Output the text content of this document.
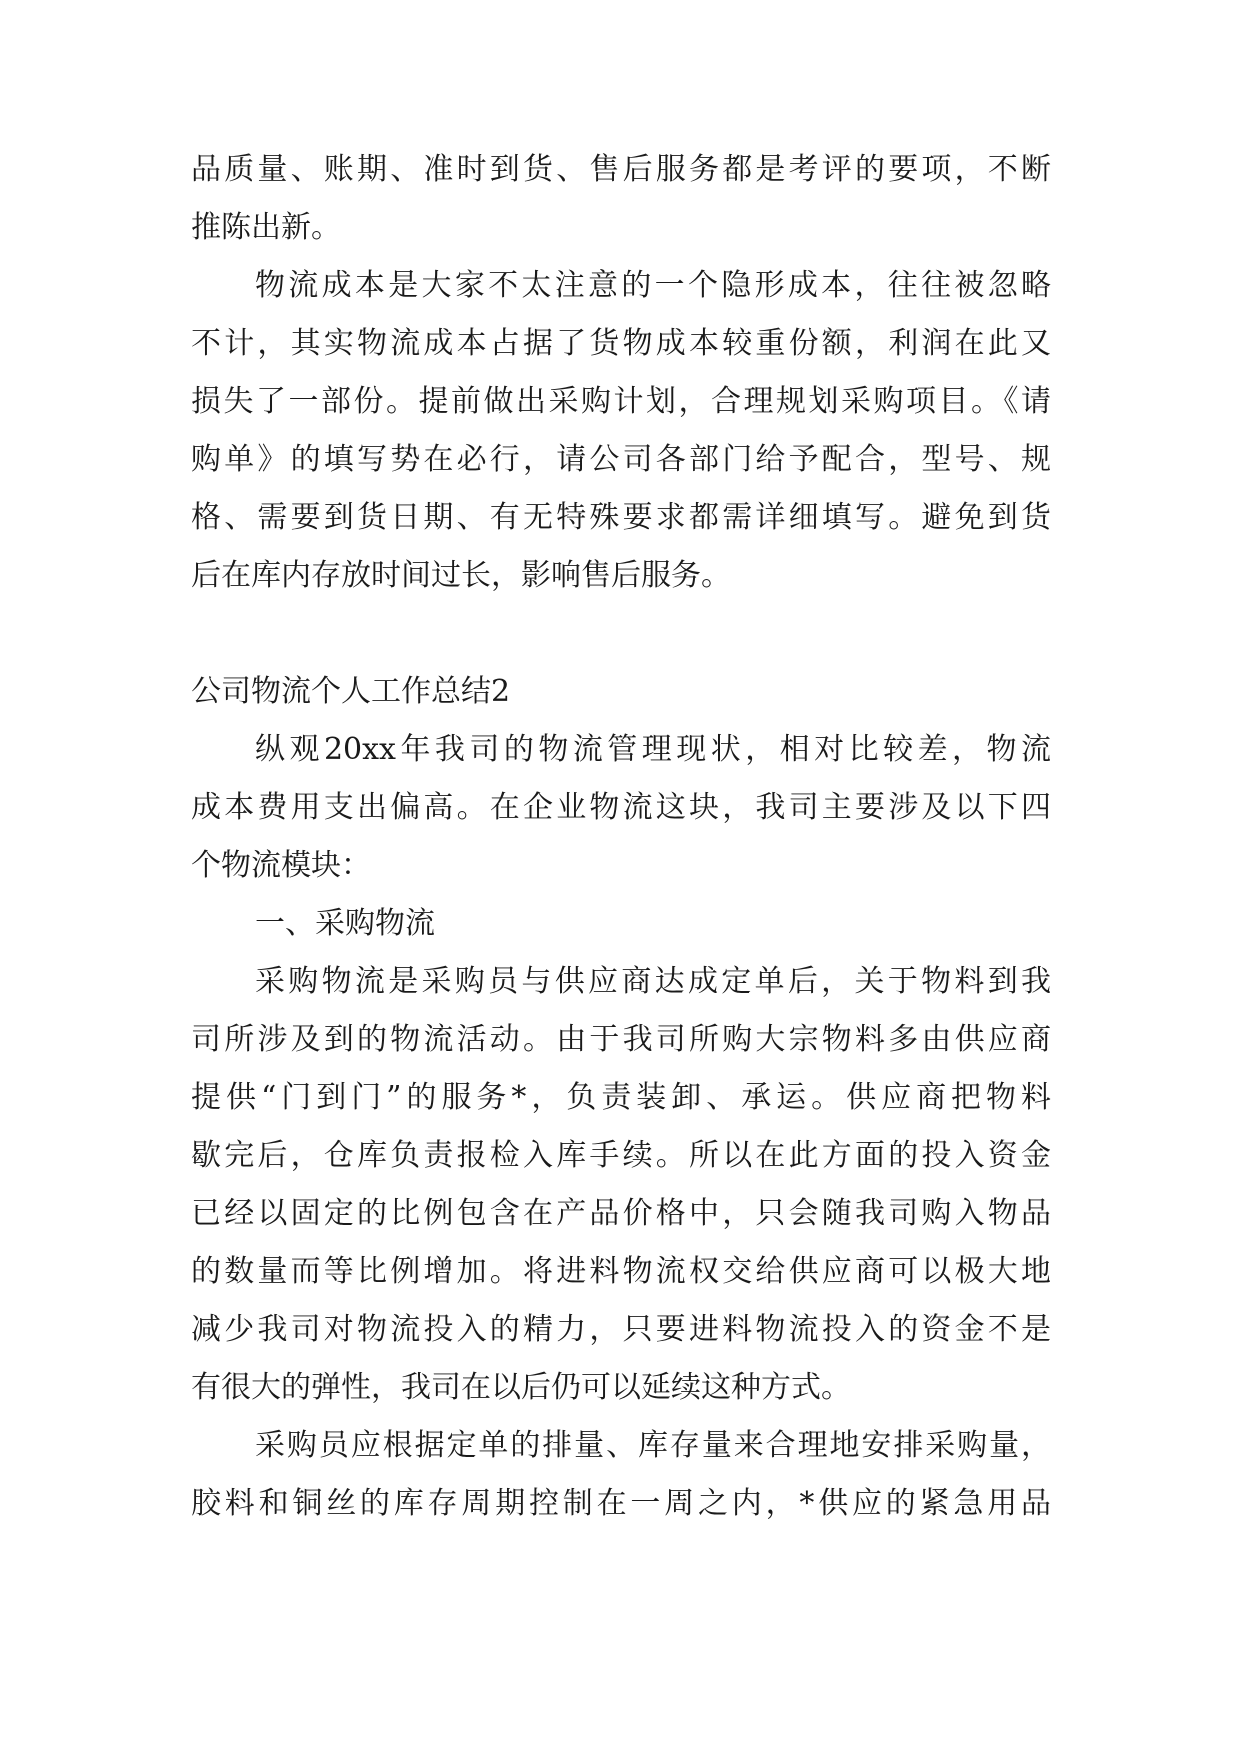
品质量、账期、准时到货、售后服务都是考评的要项，不断
推陈出新。
物流成本是大家不太注意的一个隐形成本，往往被忽略
不计，其实物流成本占据了货物成本较重份额，利润在此又
损失了一部份。提前做出采购计划，合理规划采购项目。《请
购单》的填写势在必行，请公司各部门给予配合，型号、规
格、需要到货日期、有无特殊要求都需详细填写。避免到货
后在库内存放时间过长，影响售后服务。
公司物流个人工作总结2
纵观20xx年我司的物流管理现状，相对比较差，物流
成本费用支出偏高。在企业物流这块，我司主要涉及以下四
个物流模块：
一、采购物流
采购物流是采购员与供应商达成定单后，关于物料到我
司所涉及到的物流活动。由于我司所购大宗物料多由供应商
提供“门到门”的服务*，负责装卸、承运。供应商把物料
歇完后，仓库负责报检入库手续。所以在此方面的投入资金
已经以固定的比例包含在产品价格中，只会随我司购入物品
的数量而等比例增加。将进料物流权交给供应商可以极大地
减少我司对物流投入的精力，只要进料物流投入的资金不是
有很大的弹性，我司在以后仍可以延续这种方式。
采购员应根据定单的排量、库存量来合理地安排采购量，
胶料和铜丝的库存周期控制在一周之内，*供应的紧急用品
